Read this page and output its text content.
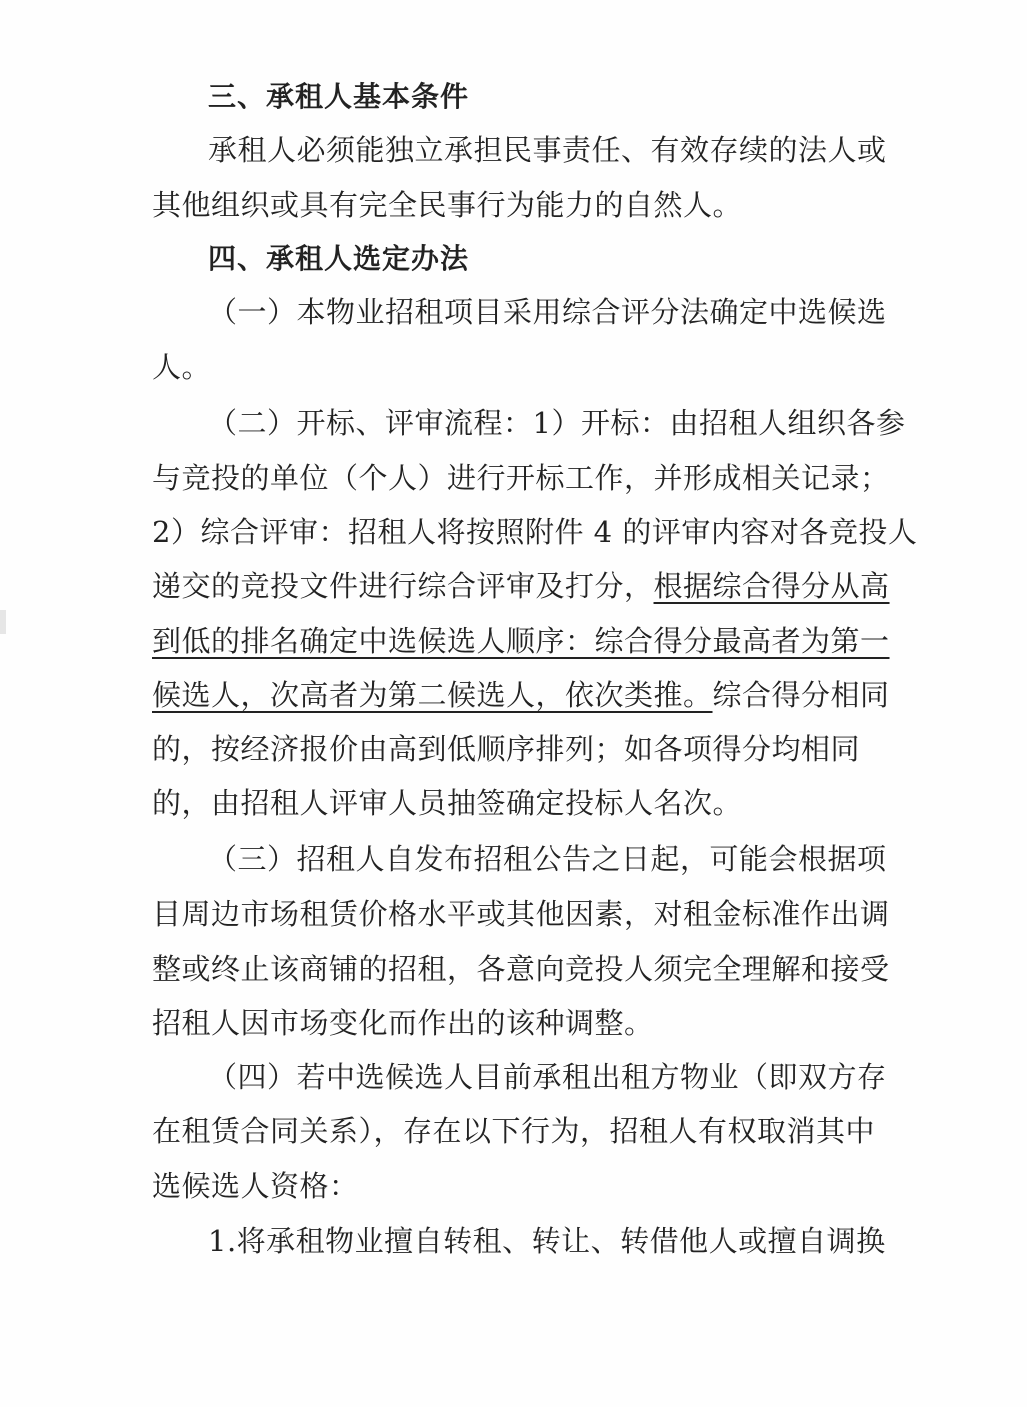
三、承租人基本条件
承租人必须能独立承担民事责任、有效存续的法人或
其他组织或具有完全民事行为能力的自然人。
四、承租人选定办法
（一）本物业招租项目采用综合评分法确定中选候选
人。
（二）开标、评审流程：1）开标：由招租人组织各参
与竞投的单位（个人）进行开标工作，并形成相关记录；
2）综合评审：招租人将按照附件 4 的评审内容对各竞投人
递交的竞投文件进行综合评审及打分，根据综合得分从高
到低的排名确定中选候选人顺序：综合得分最高者为第一
候选人，次高者为第二候选人，依次类推。综合得分相同
的，按经济报价由高到低顺序排列；如各项得分均相同
的，由招租人评审人员抽签确定投标人名次。
（三）招租人自发布招租公告之日起，可能会根据项
目周边市场租赁价格水平或其他因素，对租金标准作出调
整或终止该商铺的招租，各意向竞投人须完全理解和接受
招租人因市场变化而作出的该种调整。
（四）若中选候选人目前承租出租方物业（即双方存
在租赁合同关系），存在以下行为，招租人有权取消其中
选候选人资格：
1.将承租物业擅自转租、转让、转借他人或擅自调换
